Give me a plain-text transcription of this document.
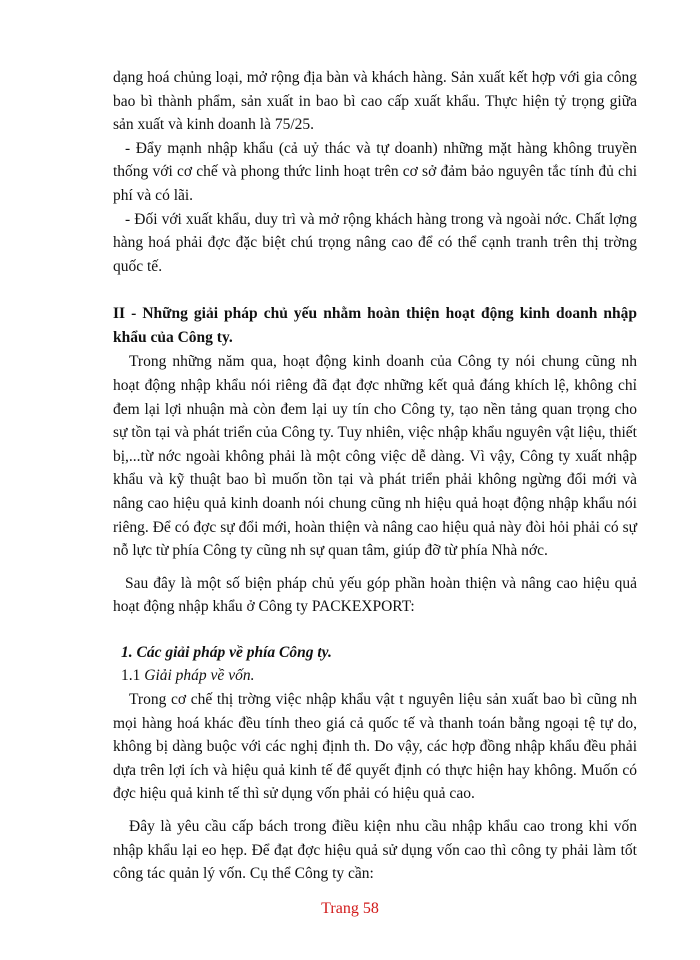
dạng hoá chủng loại, mở rộng địa bàn và khách hàng. Sản xuất kết hợp với gia công bao bì thành phẩm, sản xuất in bao bì cao cấp xuất khẩu. Thực hiện tỷ trọng giữa sản xuất và kinh doanh là 75/25.

- Đẩy mạnh nhập khẩu (cả uỷ thác và tự doanh) những mặt hàng không truyền thống với cơ chế và phong thức linh hoạt trên cơ sở đảm bảo nguyên tắc tính đủ chi phí và có lãi.

- Đối với xuất khẩu, duy trì và mở rộng khách hàng trong và ngoài nớc. Chất lợng hàng hoá phải đợc đặc biệt chú trọng nâng cao để có thể cạnh tranh trên thị trờng quốc tế.

II - Những giải pháp chủ yếu nhằm hoàn thiện hoạt động kinh doanh nhập khẩu của Công ty.

Trong những năm qua, hoạt động kinh doanh của Công ty nói chung cũng nh hoạt động nhập khẩu nói riêng đã đạt đợc những kết quả đáng khích lệ, không chỉ đem lại lợi nhuận mà còn đem lại uy tín cho Công ty, tạo nền tảng quan trọng cho sự tồn tại và phát triển của Công ty. Tuy nhiên, việc nhập khẩu nguyên vật liệu, thiết bị,...từ nớc ngoài không phải là một công việc dễ dàng. Vì vậy, Công ty xuất nhập khẩu và kỹ thuật bao bì muốn tồn tại và phát triển phải không ngừng đổi mới và nâng cao hiệu quả kinh doanh nói chung cũng nh hiệu quả hoạt động nhập khẩu nói riêng. Để có đợc sự đổi mới, hoàn thiện và nâng cao hiệu quả này đòi hỏi phải có sự nỗ lực từ phía Công ty cũng nh sự quan tâm, giúp đỡ từ phía Nhà nớc.

Sau đây là một số biện pháp chủ yếu góp phần hoàn thiện và nâng cao hiệu quả hoạt động nhập khẩu ở Công ty PACKEXPORT:

1. Các giải pháp về phía Công ty.

1.1 Giải pháp về vốn.

Trong cơ chế thị trờng việc nhập khẩu vật t nguyên liệu sản xuất bao bì cũng nh mọi hàng hoá khác đều tính theo giá cả quốc tế và thanh toán bằng ngoại tệ tự do, không bị dàng buộc với các nghị định th. Do vậy, các hợp đồng nhập khẩu đều phải dựa trên lợi ích và hiệu quả kinh tế để quyết định có thực hiện hay không. Muốn có đợc hiệu quả kinh tế thì sử dụng vốn phải có hiệu quả cao.

Đây là yêu cầu cấp bách trong điều kiện nhu cầu nhập khẩu cao trong khi vốn nhập khẩu lại eo hẹp. Để đạt đợc hiệu quả sử dụng vốn cao thì công ty phải làm tốt công tác quản lý vốn. Cụ thể Công ty cần:

Trang 58
